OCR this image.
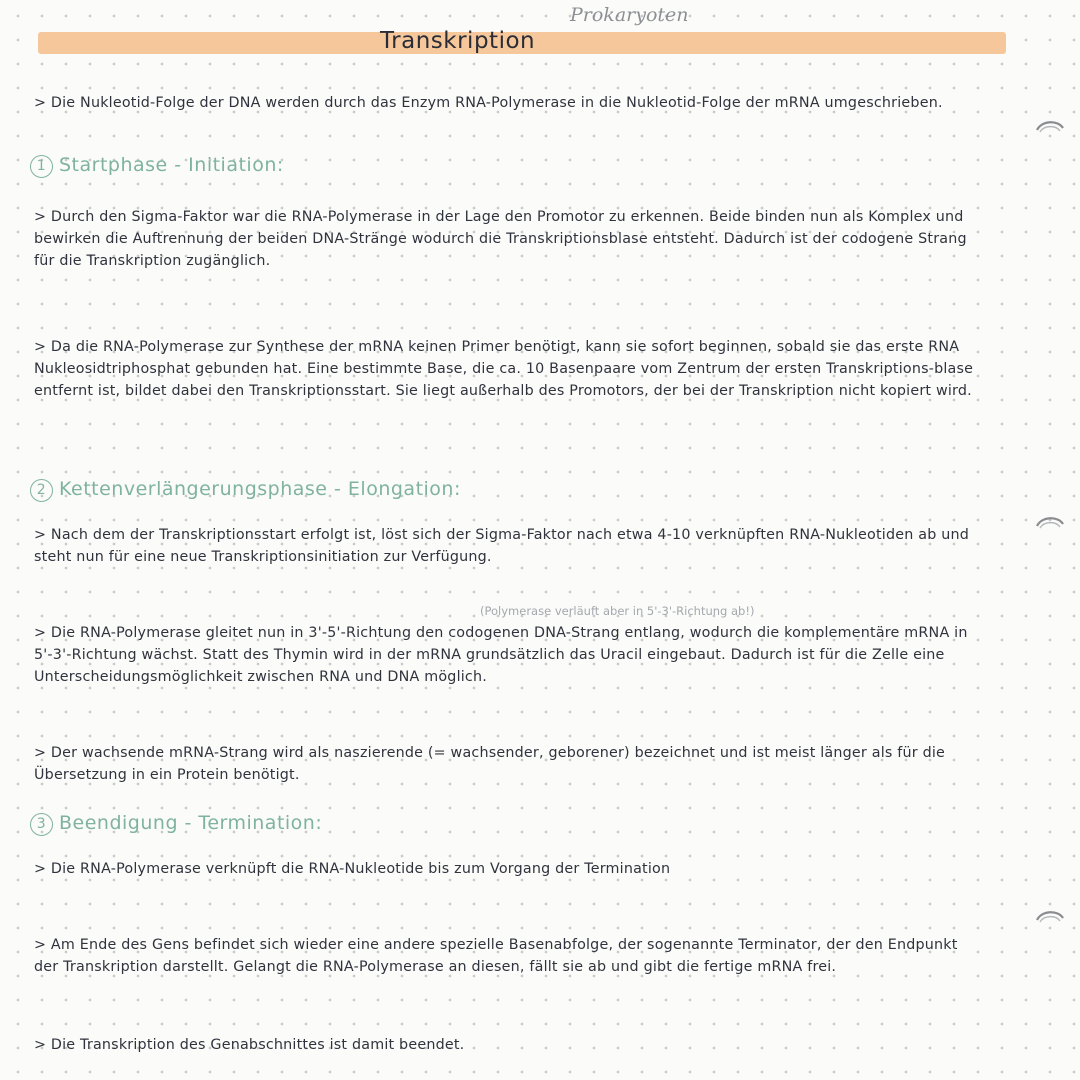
Transkription
Prokaryoten
> Die Nukleotid-Folge der DNA werden durch das Enzym RNA-Polymerase in die Nukleotid-Folge der mRNA umgeschrieben.
1 Startphase - Initiation:
> Durch den Sigma-Faktor war die RNA-Polymerase in der Lage den Promotor zu erkennen. Beide binden nun als Komplex und bewirken die Auftrennung der beiden DNA-Stränge wodurch die Transkriptionsblase entsteht. Dadurch ist der codogene Strang für die Transkription zugänglich.
> Da die RNA-Polymerase zur Synthese der mRNA keinen Primer benötigt, kann sie sofort beginnen, sobald sie das erste RNA Nukleosidtriphosphat gebunden hat. Eine bestimmte Base, die ca. 10 Basenpaare vom Zentrum der ersten Transkriptions-blase entfernt ist, bildet dabei den Transkriptionsstart. Sie liegt außerhalb des Promotors, der bei der Transkription nicht kopiert wird.
2 Kettenverlängerungsphase - Elongation:
> Nach dem der Transkriptionsstart erfolgt ist, löst sich der Sigma-Faktor nach etwa 4-10 verknüpften RNA-Nukleotiden ab und steht nun für eine neue Transkriptionsinitiation zur Verfügung.
(Polymerase verläuft aber in 5'-3'-Richtung ab!)
> Die RNA-Polymerase gleitet nun in 3'-5'-Richtung den codogenen DNA-Strang entlang, wodurch die komplementäre mRNA in 5'-3'-Richtung wächst. Statt des Thymin wird in der mRNA grundsätzlich das Uracil eingebaut. Dadurch ist für die Zelle eine Unterscheidungsmöglichkeit zwischen RNA und DNA möglich.
> Der wachsende mRNA-Strang wird als naszierende (= wachsender, geborener) bezeichnet und ist meist länger als für die Übersetzung in ein Protein benötigt.
3 Beendigung - Termination:
> Die RNA-Polymerase verknüpft die RNA-Nukleotide bis zum Vorgang der Termination
> Am Ende des Gens befindet sich wieder eine andere spezielle Basenabfolge, der sogenannte Terminator, der den Endpunkt der Transkription darstellt. Gelangt die RNA-Polymerase an diesen, fällt sie ab und gibt die fertige mRNA frei.
> Die Transkription des Genabschnittes ist damit beendet.
